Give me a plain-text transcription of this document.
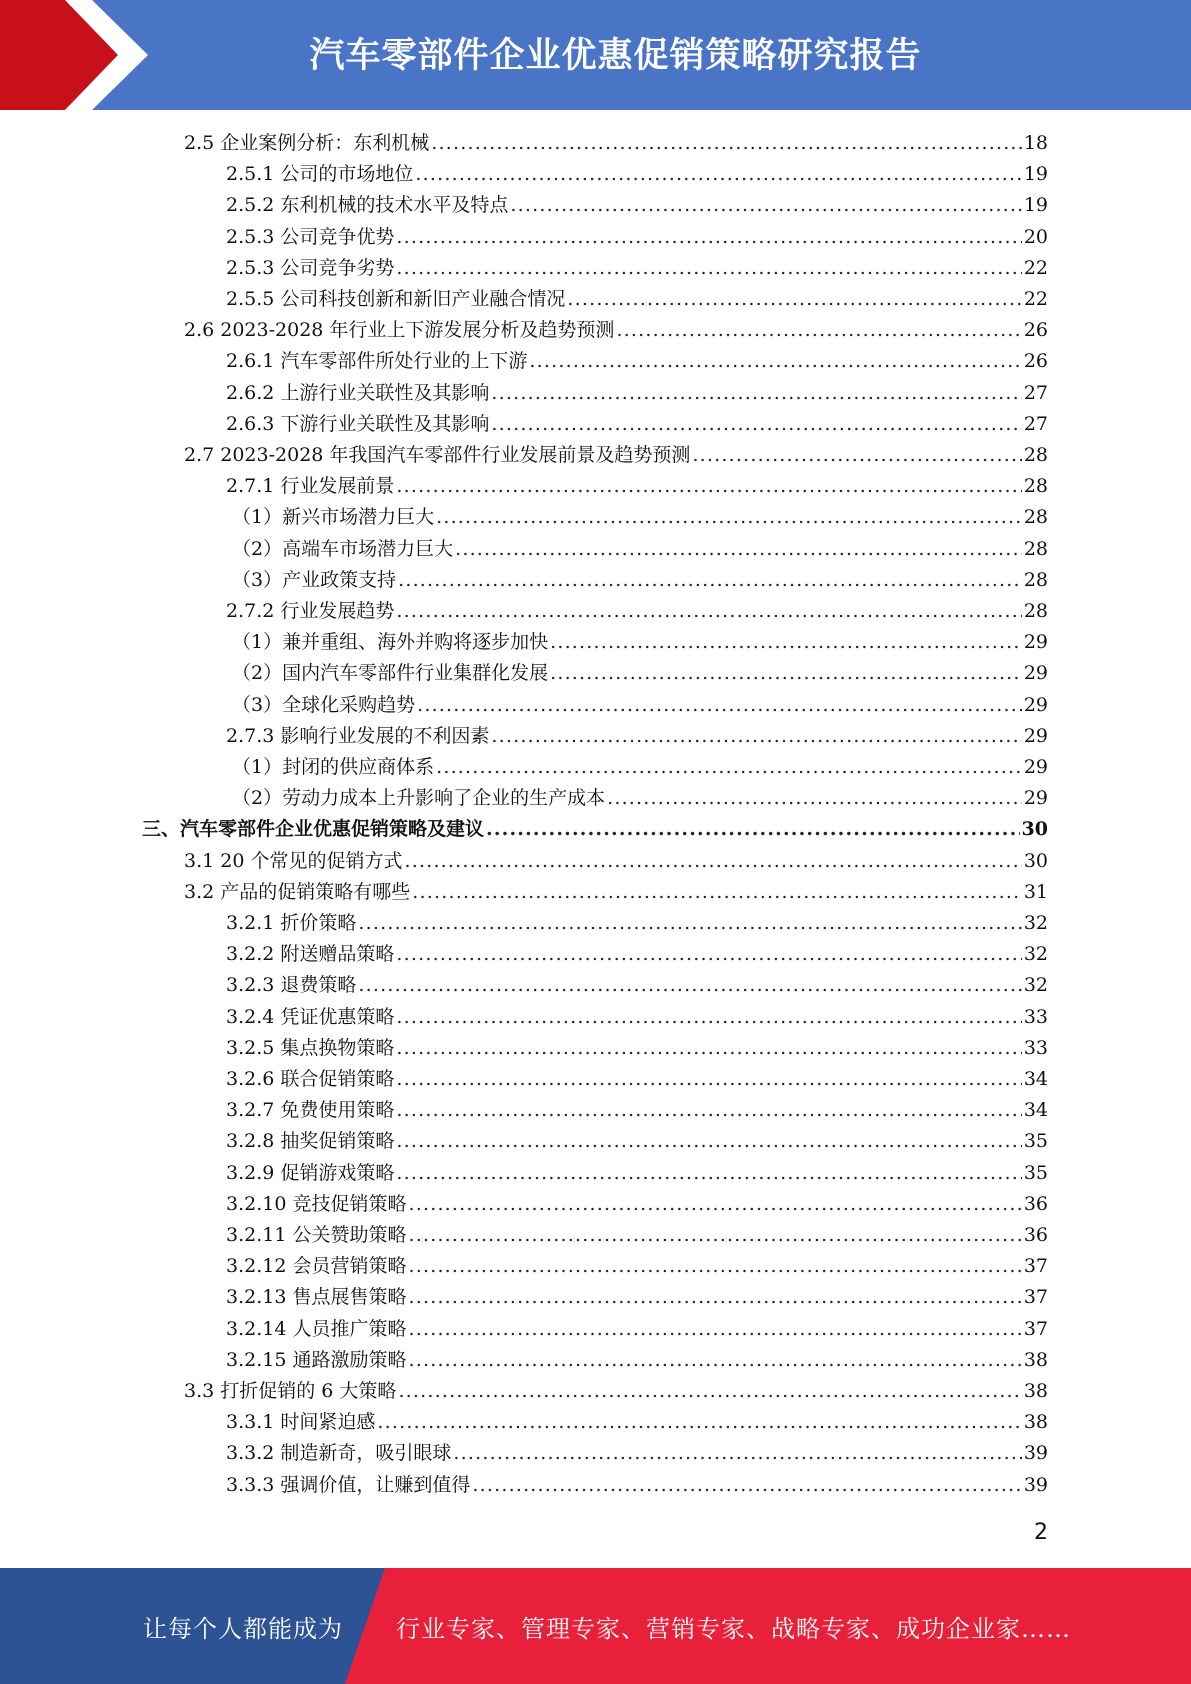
汽车零部件企业优惠促销策略研究报告
2.5 企业案例分析：东利机械 .....	18
2.5.1 公司的市场地位 .....	19
2.5.2 东利机械的技术水平及特点 .....	19
2.5.3 公司竞争优势 .....	20
2.5.3 公司竞争劣势 .....	22
2.5.5 公司科技创新和新旧产业融合情况 .....	22
2.6 2023-2028 年行业上下游发展分析及趋势预测 .....	26
2.6.1 汽车零部件所处行业的上下游 .....	26
2.6.2 上游行业关联性及其影响 .....	27
2.6.3 下游行业关联性及其影响 .....	27
2.7 2023-2028 年我国汽车零部件行业发展前景及趋势预测 .....	28
2.7.1 行业发展前景 .....	28
（1）新兴市场潜力巨大 .....	28
（2）高端车市场潜力巨大 .....	28
（3）产业政策支持 .....	28
2.7.2 行业发展趋势 .....	28
（1）兼并重组、海外并购将逐步加快 .....	29
（2）国内汽车零部件行业集群化发展 .....	29
（3）全球化采购趋势 .....	29
2.7.3 影响行业发展的不利因素 .....	29
（1）封闭的供应商体系 .....	29
（2）劳动力成本上升影响了企业的生产成本 .....	29
三、汽车零部件企业优惠促销策略及建议 .....	30
3.1 20 个常见的促销方式 .....	30
3.2 产品的促销策略有哪些 .....	31
3.2.1 折价策略 .....	32
3.2.2 附送赠品策略 .....	32
3.2.3 退费策略 .....	32
3.2.4 凭证优惠策略 .....	33
3.2.5 集点换物策略 .....	33
3.2.6 联合促销策略 .....	34
3.2.7 免费使用策略 .....	34
3.2.8 抽奖促销策略 .....	35
3.2.9 促销游戏策略 .....	35
3.2.10 竞技促销策略 .....	36
3.2.11 公关赞助策略 .....	36
3.2.12 会员营销策略 .....	37
3.2.13 售点展售策略 .....	37
3.2.14 人员推广策略 .....	37
3.2.15 通路激励策略 .....	38
3.3 打折促销的 6 大策略 .....	38
3.3.1 时间紧迫感 .....	38
3.3.2 制造新奇，吸引眼球 .....	39
3.3.3 强调价值，让赚到值得 .....	39
2
让每个人都能成为 行业专家、管理专家、营销专家、战略专家、成功企业家……
